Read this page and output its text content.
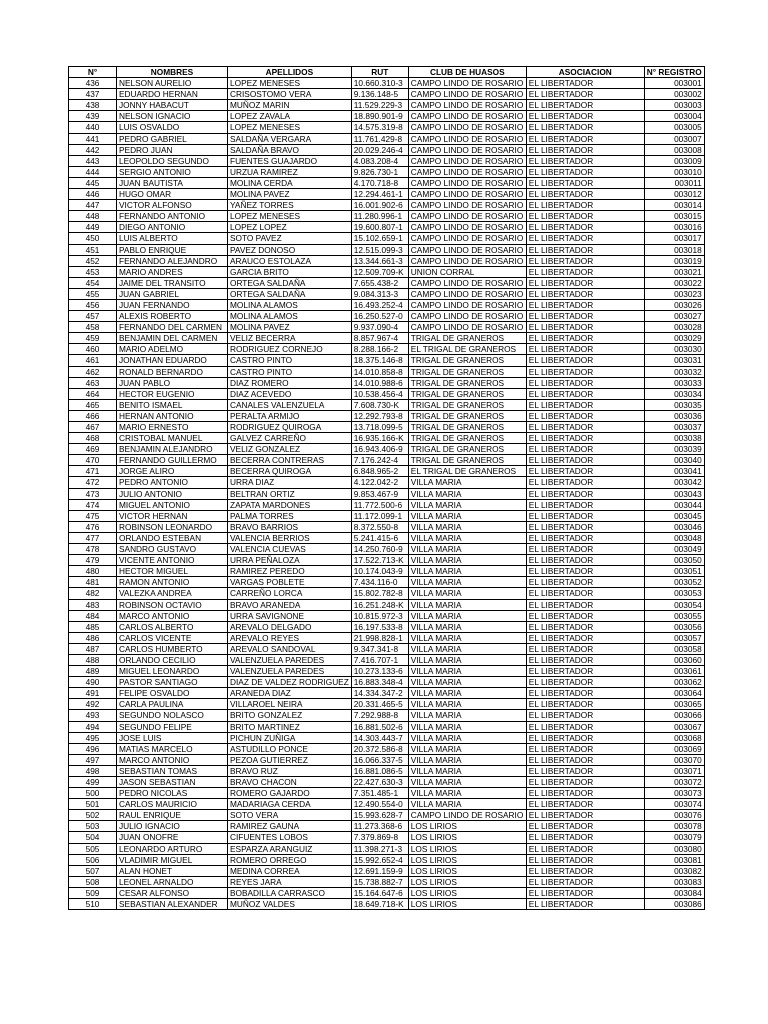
N°	NOMBRES	APELLIDOS	RUT	CLUB DE HUASOS	ASOCIACION	N° REGISTRO
436	NELSON AURELIO	LOPEZ MENESES	10.660.310-3	CAMPO LINDO DE ROSARIO	EL LIBERTADOR	003001
437	EDUARDO HERNAN	CRISOSTOMO VERA	9.136.148-5	CAMPO LINDO DE ROSARIO	EL LIBERTADOR	003002
438	JONNY HABACUT	MUÑOZ MARIN	11.529.229-3	CAMPO LINDO DE ROSARIO	EL LIBERTADOR	003003
439	NELSON IGNACIO	LOPEZ ZAVALA	18.890.901-9	CAMPO LINDO DE ROSARIO	EL LIBERTADOR	003004
440	LUIS OSVALDO	LOPEZ MENESES	14.575.319-8	CAMPO LINDO DE ROSARIO	EL LIBERTADOR	003005
441	PEDRO GABRIEL	SALDAÑA VERGARA	11.761.429-8	CAMPO LINDO DE ROSARIO	EL LIBERTADOR	003007
442	PEDRO JUAN	SALDAÑA BRAVO	20.029.246-4	CAMPO LINDO DE ROSARIO	EL LIBERTADOR	003008
443	LEOPOLDO SEGUNDO	FUENTES GUAJARDO	4.083.208-4	CAMPO LINDO DE ROSARIO	EL LIBERTADOR	003009
444	SERGIO ANTONIO	URZUA RAMIREZ	9.826.730-1	CAMPO LINDO DE ROSARIO	EL LIBERTADOR	003010
445	JUAN BAUTISTA	MOLINA CERDA	4.170.718-8	CAMPO LINDO DE ROSARIO	EL LIBERTADOR	003011
446	HUGO OMAR	MOLINA PAVEZ	12.294.461-1	CAMPO LINDO DE ROSARIO	EL LIBERTADOR	003012
447	VICTOR ALFONSO	YAÑEZ TORRES	16.001.902-6	CAMPO LINDO DE ROSARIO	EL LIBERTADOR	003014
448	FERNANDO ANTONIO	LOPEZ MENESES	11.280.996-1	CAMPO LINDO DE ROSARIO	EL LIBERTADOR	003015
449	DIEGO ANTONIO	LOPEZ LOPEZ	19.600.807-1	CAMPO LINDO DE ROSARIO	EL LIBERTADOR	003016
450	LUIS ALBERTO	SOTO PAVEZ	15.102.659-1	CAMPO LINDO DE ROSARIO	EL LIBERTADOR	003017
451	PABLO ENRIQUE	PAVEZ DONOSO	12.515.099-3	CAMPO LINDO DE ROSARIO	EL LIBERTADOR	003018
452	FERNANDO ALEJANDRO	ARAUCO ESTOLAZA	13.344.661-3	CAMPO LINDO DE ROSARIO	EL LIBERTADOR	003019
453	MARIO ANDRES	GARCIA BRITO	12.509.709-K	UNION CORRAL	EL LIBERTADOR	003021
454	JAIME DEL TRANSITO	ORTEGA SALDAÑA	7.655.438-2	CAMPO LINDO DE ROSARIO	EL LIBERTADOR	003022
455	JUAN GABRIEL	ORTEGA SALDAÑA	9.084.313-3	CAMPO LINDO DE ROSARIO	EL LIBERTADOR	003023
456	JUAN FERNANDO	MOLINA ALAMOS	16.493.252-4	CAMPO LINDO DE ROSARIO	EL LIBERTADOR	003026
457	ALEXIS ROBERTO	MOLINA ALAMOS	16.250.527-0	CAMPO LINDO DE ROSARIO	EL LIBERTADOR	003027
458	FERNANDO DEL CARMEN	MOLINA PAVEZ	9.937.090-4	CAMPO LINDO DE ROSARIO	EL LIBERTADOR	003028
459	BENJAMIN DEL CARMEN	VELIZ BECERRA	8.857.967-4	TRIGAL DE GRANEROS	EL LIBERTADOR	003029
460	MARIO ADELMO	RODRIGUEZ CORNEJO	8.288.166-2	EL TRIGAL DE GRANEROS	EL LIBERTADOR	003030
461	JONATHAN EDUARDO	CASTRO PINTO	18.375.146-8	TRIGAL DE GRANEROS	EL LIBERTADOR	003031
462	RONALD BERNARDO	CASTRO PINTO	14.010.858-8	TRIGAL DE GRANEROS	EL LIBERTADOR	003032
463	JUAN PABLO	DIAZ ROMERO	14.010.988-6	TRIGAL DE GRANEROS	EL LIBERTADOR	003033
464	HECTOR EUGENIO	DIAZ ACEVEDO	10.538.456-4	TRIGAL DE GRANEROS	EL LIBERTADOR	003034
465	BENITO ISMAEL	CANALES VALENZUELA	7.608.730-K	TRIGAL DE GRANEROS	EL LIBERTADOR	003035
466	HERNAN ANTONIO	PERALTA ARMIJO	12.292.793-8	TRIGAL DE GRANEROS	EL LIBERTADOR	003036
467	MARIO ERNESTO	RODRIGUEZ QUIROGA	13.718.099-5	TRIGAL DE GRANEROS	EL LIBERTADOR	003037
468	CRISTOBAL MANUEL	GALVEZ CARREÑO	16.935.166-K	TRIGAL DE GRANEROS	EL LIBERTADOR	003038
469	BENJAMIN ALEJANDRO	VELIZ GONZALEZ	16.943.406-9	TRIGAL DE GRANEROS	EL LIBERTADOR	003039
470	FERNANDO GUILLERMO	BECERRA CONTRERAS	7.176.242-4	TRIGAL DE GRANEROS	EL LIBERTADOR	003040
471	JORGE ALIRO	BECERRA QUIROGA	6.848.965-2	EL TRIGAL DE GRANEROS	EL LIBERTADOR	003041
472	PEDRO ANTONIO	URRA DIAZ	4.122.042-2	VILLA MARIA	EL LIBERTADOR	003042
473	JULIO ANTONIO	BELTRAN ORTIZ	9.853.467-9	VILLA MARIA	EL LIBERTADOR	003043
474	MIGUEL ANTONIO	ZAPATA MARDONES	11.772.500-6	VILLA MARIA	EL LIBERTADOR	003044
475	VICTOR HERNAN	PALMA TORRES	11.172.099-1	VILLA MARIA	EL LIBERTADOR	003045
476	ROBINSON LEONARDO	BRAVO BARRIOS	8.372.550-8	VILLA MARIA	EL LIBERTADOR	003046
477	ORLANDO ESTEBAN	VALENCIA BERRIOS	5.241.415-6	VILLA MARIA	EL LIBERTADOR	003048
478	SANDRO GUSTAVO	VALENCIA CUEVAS	14.250.760-9	VILLA MARIA	EL LIBERTADOR	003049
479	VICENTE ANTONIO	URRA PEÑALOZA	17.522.713-K	VILLA MARIA	EL LIBERTADOR	003050
480	HECTOR MIGUEL	RAMIREZ PEREDO	10.174.043-9	VILLA MARIA	EL LIBERTADOR	003051
481	RAMON ANTONIO	VARGAS POBLETE	7.434.116-0	VILLA MARIA	EL LIBERTADOR	003052
482	VALEZKA ANDREA	CARREÑO LORCA	15.802.782-8	VILLA MARIA	EL LIBERTADOR	003053
483	ROBINSON OCTAVIO	BRAVO ARANEDA	16.251.248-K	VILLA MARIA	EL LIBERTADOR	003054
484	MARCO ANTONIO	URRA SAVIGNONE	10.815.972-3	VILLA MARIA	EL LIBERTADOR	003055
485	CARLOS ALBERTO	AREVALO DELGADO	16.197.533-8	VILLA MARIA	EL LIBERTADOR	003056
486	CARLOS VICENTE	AREVALO REYES	21.998.828-1	VILLA MARIA	EL LIBERTADOR	003057
487	CARLOS HUMBERTO	AREVALO SANDOVAL	9.347.341-8	VILLA MARIA	EL LIBERTADOR	003058
488	ORLANDO CECILIO	VALENZUELA PAREDES	7.416.707-1	VILLA MARIA	EL LIBERTADOR	003060
489	MIGUEL LEONARDO	VALENZUELA PAREDES	10.273.133-6	VILLA MARIA	EL LIBERTADOR	003061
490	PASTOR SANTIAGO	DIAZ DE VALDEZ RODRIGUEZ	16.883.348-4	VILLA MARIA	EL LIBERTADOR	003062
491	FELIPE OSVALDO	ARANEDA DIAZ	14.334.347-2	VILLA MARIA	EL LIBERTADOR	003064
492	CARLA PAULINA	VILLAROEL NEIRA	20.331.465-5	VILLA MARIA	EL LIBERTADOR	003065
493	SEGUNDO NOLASCO	BRITO GONZALEZ	7.292.988-8	VILLA MARIA	EL LIBERTADOR	003066
494	SEGUNDO FELIPE	BRITO MARTINEZ	16.881.502-6	VILLA MARIA	EL LIBERTADOR	003067
495	JOSE LUIS	PICHUN ZUÑIGA	14.303.443-7	VILLA MARIA	EL LIBERTADOR	003068
496	MATIAS MARCELO	ASTUDILLO PONCE	20.372.586-8	VILLA MARIA	EL LIBERTADOR	003069
497	MARCO ANTONIO	PEZOA GUTIERREZ	16.066.337-5	VILLA MARIA	EL LIBERTADOR	003070
498	SEBASTIAN TOMAS	BRAVO RUZ	16.881.086-5	VILLA MARIA	EL LIBERTADOR	003071
499	JASON SEBASTIAN	BRAVO CHACON	22.427.630-3	VILLA MARIA	EL LIBERTADOR	003072
500	PEDRO NICOLAS	ROMERO GAJARDO	7.351.485-1	VILLA MARIA	EL LIBERTADOR	003073
501	CARLOS MAURICIO	MADARIAGA CERDA	12.490.554-0	VILLA MARIA	EL LIBERTADOR	003074
502	RAUL ENRIQUE	SOTO VERA	15.993.628-7	CAMPO LINDO DE ROSARIO	EL LIBERTADOR	003076
503	JULIO IGNACIO	RAMIREZ GAUNA	11.273.368-6	LOS LIRIOS	EL LIBERTADOR	003078
504	JUAN ONOFRE	CIFUENTES LOBOS	7.379.869-8	LOS LIRIOS	EL LIBERTADOR	003079
505	LEONARDO ARTURO	ESPARZA ARANGUIZ	11.398.271-3	LOS LIRIOS	EL LIBERTADOR	003080
506	VLADIMIR MIGUEL	ROMERO ORREGO	15.992.652-4	LOS LIRIOS	EL LIBERTADOR	003081
507	ALAN HONET	MEDINA CORREA	12.691.159-9	LOS LIRIOS	EL LIBERTADOR	003082
508	LEONEL ARNALDO	REYES JARA	15.738.882-7	LOS LIRIOS	EL LIBERTADOR	003083
509	CESAR ALFONSO	BOBADILLA CARRASCO	15.164.647-6	LOS LIRIOS	EL LIBERTADOR	003084
510	SEBASTIAN ALEXANDER	MUÑOZ VALDES	18.649.718-K	LOS LIRIOS	EL LIBERTADOR	003086
